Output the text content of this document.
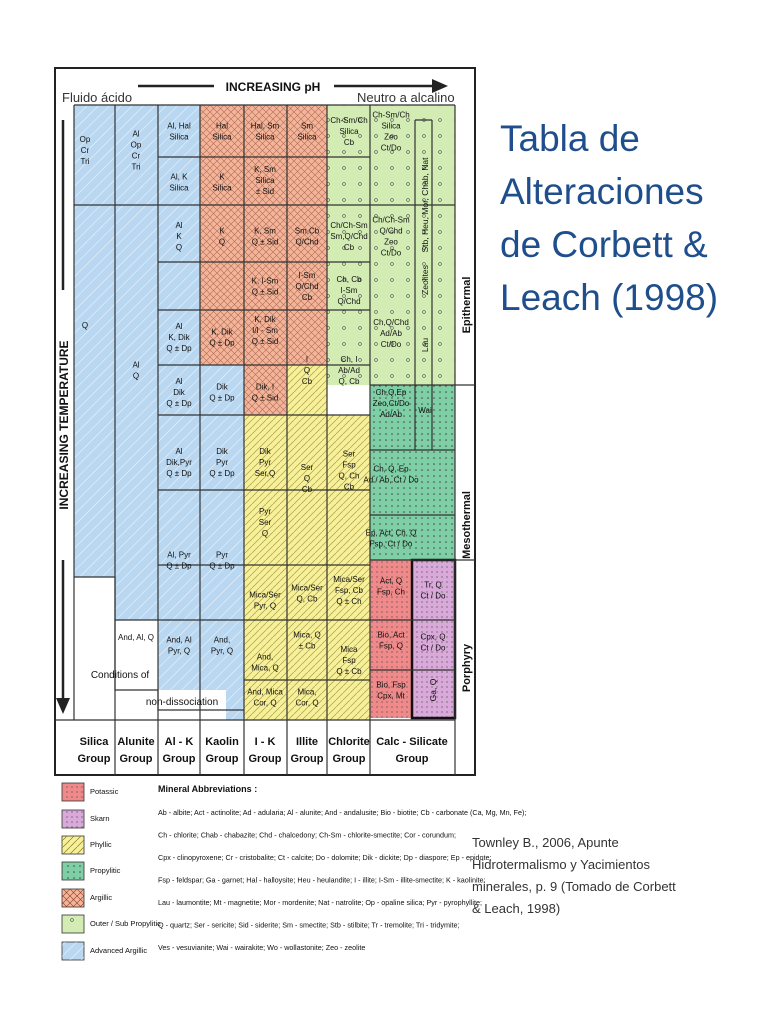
INCREASING pH
Fluido ácido	Neutro a alcalino
INCREASING TEMPERATURE
Epithermal
Mesothermal
Porphyry
Conditions of
non-dissociation
Op
Cr
Tri
Q
Al
Op
Cr
Tri
Al
Q
And, Al, Q
Al, Hal
Silica
Al, K
Silica
Al
K
Q
Al
K, Dik
Q ± Dp
Al
Dik
Q ± Dp
Al
Dik,Pyr
Q ± Dp
Al, Pyr
Q ± Dp
And, Al
Pyr, Q
Hal
Silica
K
Silica
K
Q
K, Dik
Q ± Dp
Dik
Q ± Dp
Dik
Pyr
Q ± Dp
Pyr
Q ± Dp
And,
Pyr, Q
Hal, Sm
Silica
K, Sm
Silica
± Sid
K, Sm
Q ± Sid
K, I-Sm
Q ± Sid
K, Dik
I/I - Sm
Q ± Sid
Dik, I
Q ± Sid
Dik
Pyr
Ser,Q
Pyr
Ser
Q
Mica/Ser
Pyr, Q
And,
Mica, Q
And, Mica
Cor, Q
Sm
Silica
Sm,Cb
Q/Chd
I-Sm
Q/Chd
Cb
I
Q
Cb
Ser
Q
Cb
Mica/Ser
Q, Cb
Mica, Q
± Cb
Mica,
Cor, Q
Ch-Sm/Ch
Silica
Cb
Ch/Ch-Sm
Sm,Q/Chd
Cb
Ch, Cb
I-Sm
Q/Chd
Ch, I
Ab/Ad
Q, Cb
Ser
Fsp
Q, Ch
Cb
Mica/Ser
Fsp, Cb
Q ± Ch
Mica
Fsp
Q ± Cb
Ch-Sm/Ch
Silica
Zeo
Ct/Do
Ch/Ch-Sm
Q/Chd
Zeo
Ct/Do
Ch,Q/Chd
Ad/Ab
Ct/Do
Ch,Q,Ep
Zeo,Ct/Do
Ad/Ab
Ch, Q, Ep
Ad / Ab, Ct / Do
Ep, Act, Ch, Q
Fsp, Ct / Do
Act, Q
Fsp, Ch
Bio, Act
Fsp, Q
Bio, Fsp
Cpx, Mt
Tr, Q
Ct / Do
Cpx, Q
Ct / Do
Ga, Q
Stb, Heu, Mor, Chab, Nat
Zeolites
Lau
Wai
Silica
Group
Alunite
Group
Al - K
Group
Kaolin
Group
I - K
Group
Illite
Group
Chlorite
Group
Calc - Silicate
Group
Potassic
Skarn
Phyllic
Propylitic
Argillic
Outer / Sub Propylitic
Advanced Argillic
Mineral Abbreviations :
Ab - albite; Act - actinolite; Ad - adularia; Al - alunite; And - andalusite; Bio - biotite; Cb - carbonate (Ca, Mg, Mn, Fe);
Ch - chlorite; Chab - chabazite; Chd - chalcedony; Ch-Sm - chlorite-smectite; Cor - corundum;
Cpx - clinopyroxene; Cr - cristobalite; Ct - calcite; Do - dolomite; Dik - dickite; Dp - diaspore; Ep - epidote;
Fsp - feldspar; Ga - garnet; Hal - halloysite; Heu - heulandite; I - illite; I-Sm - illite-smectite; K - kaolinite;
Lau - laumontite; Mt - magnetite; Mor - mordenite; Nat - natrolite; Op - opaline silica; Pyr - pyrophyllite;
Q - quartz; Ser - sericite; Sid - siderite; Sm - smectite; Stb - stilbite; Tr - tremolite; Tri - tridymite;
Ves - vesuvianite; Wai - wairakite; Wo - wollastonite; Zeo - zeolite
Tabla de
Alteraciones
de Corbett &
Leach (1998)
Townley B., 2006, Apunte
Hidrotermalismo y Yacimientos
minerales, p. 9 (Tomado de Corbett
& Leach, 1998)
